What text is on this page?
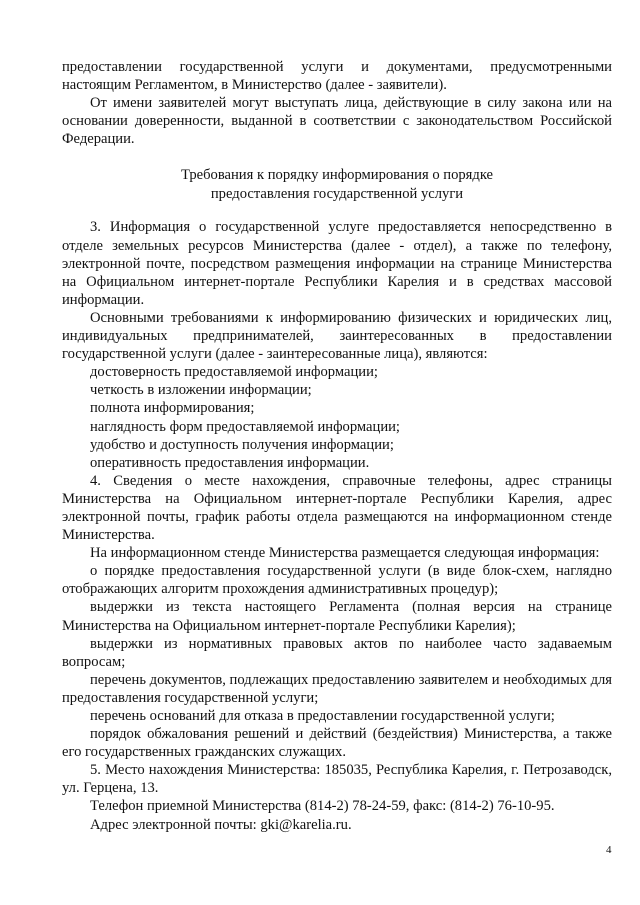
предоставлении государственной услуги и документами, предусмотренными настоящим Регламентом, в Министерство (далее - заявители).

От имени заявителей могут выступать лица, действующие в силу закона или на основании доверенности, выданной в соответствии с законодательством Российской Федерации.

Требования к порядку информирования о порядке

предоставления государственной услуги

3. Информация о государственной услуге предоставляется непосредственно в отделе земельных ресурсов Министерства (далее - отдел), а также по телефону, электронной почте, посредством размещения информации на странице Министерства на Официальном интернет-портале Республики Карелия и в средствах массовой информации.

Основными требованиями к информированию физических и юридических лиц, индивидуальных предпринимателей, заинтересованных в предоставлении государственной услуги (далее - заинтересованные лица), являются:

достоверность предоставляемой информации;

четкость в изложении информации;

полнота информирования;

наглядность форм предоставляемой информации;

удобство и доступность получения информации;

оперативность предоставления информации.

4. Сведения о месте нахождения, справочные телефоны, адрес страницы Министерства на Официальном интернет-портале Республики Карелия, адрес электронной почты, график работы отдела размещаются на информационном стенде Министерства.

На информационном стенде Министерства размещается следующая информация:

о порядке предоставления государственной услуги (в виде блок-схем, наглядно отображающих алгоритм прохождения административных процедур);

выдержки из текста настоящего Регламента (полная версия на странице Министерства на Официальном интернет-портале Республики Карелия);

выдержки из нормативных правовых актов по наиболее часто задаваемым вопросам;

перечень документов, подлежащих предоставлению заявителем и необходимых для предоставления государственной услуги;

перечень оснований для отказа в предоставлении государственной услуги;

порядок обжалования решений и действий (бездействия) Министерства, а также его государственных гражданских служащих.

5. Место нахождения Министерства: 185035, Республика Карелия, г. Петрозаводск, ул. Герцена, 13.

Телефон приемной Министерства (814-2) 78-24-59, факс: (814-2) 76-10-95.

Адрес электронной почты: gki@karelia.ru.

4
